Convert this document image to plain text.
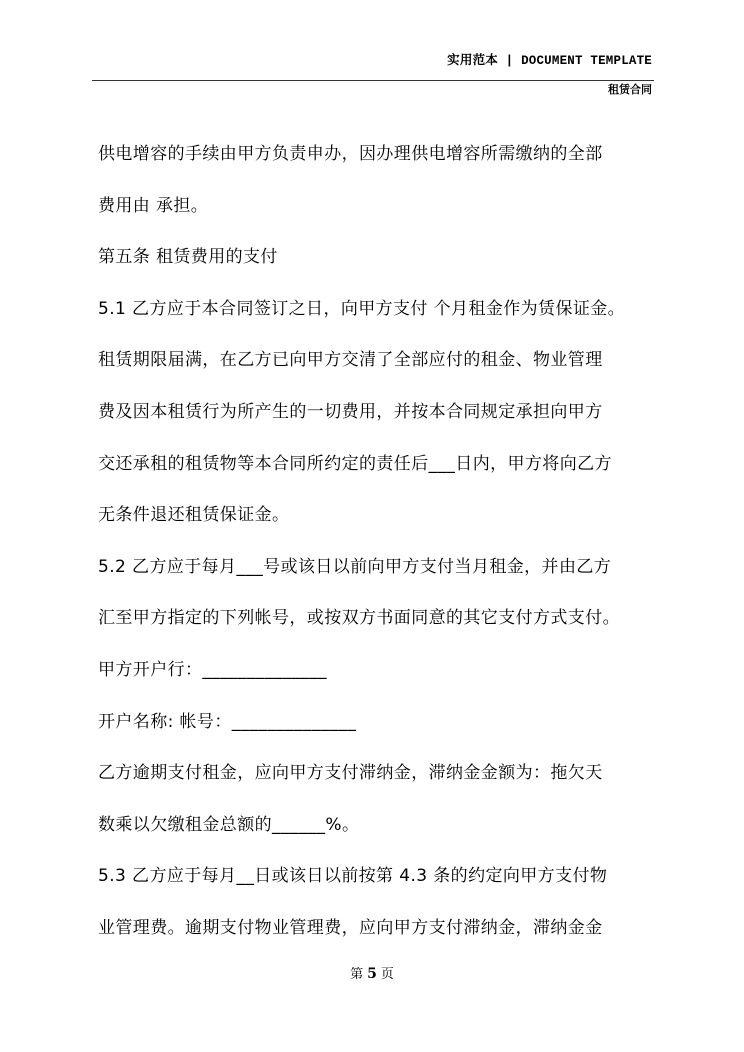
实用范本 | DOCUMENT TEMPLATE
租赁合同
供电增容的手续由甲方负责申办，因办理供电增容所需缴纳的全部
费用由 承担。
第五条 租赁费用的支付
5.1 乙方应于本合同签订之日，向甲方支付 个月租金作为赁保证金。
租赁期限届满，在乙方已向甲方交清了全部应付的租金、物业管理
费及因本租赁行为所产生的一切费用，并按本合同规定承担向甲方
交还承租的租赁物等本合同所约定的责任后___日内，甲方将向乙方
无条件退还租赁保证金。
5.2 乙方应于每月___号或该日以前向甲方支付当月租金，并由乙方
汇至甲方指定的下列帐号，或按双方书面同意的其它支付方式支付。
甲方开户行：______________
开户名称: 帐号：______________
乙方逾期支付租金，应向甲方支付滞纳金，滞纳金金额为：拖欠天
数乘以欠缴租金总额的______%。
5.3 乙方应于每月__日或该日以前按第 4.3 条的约定向甲方支付物
业管理费。逾期支付物业管理费，应向甲方支付滞纳金，滞纳金金
第 5 页
